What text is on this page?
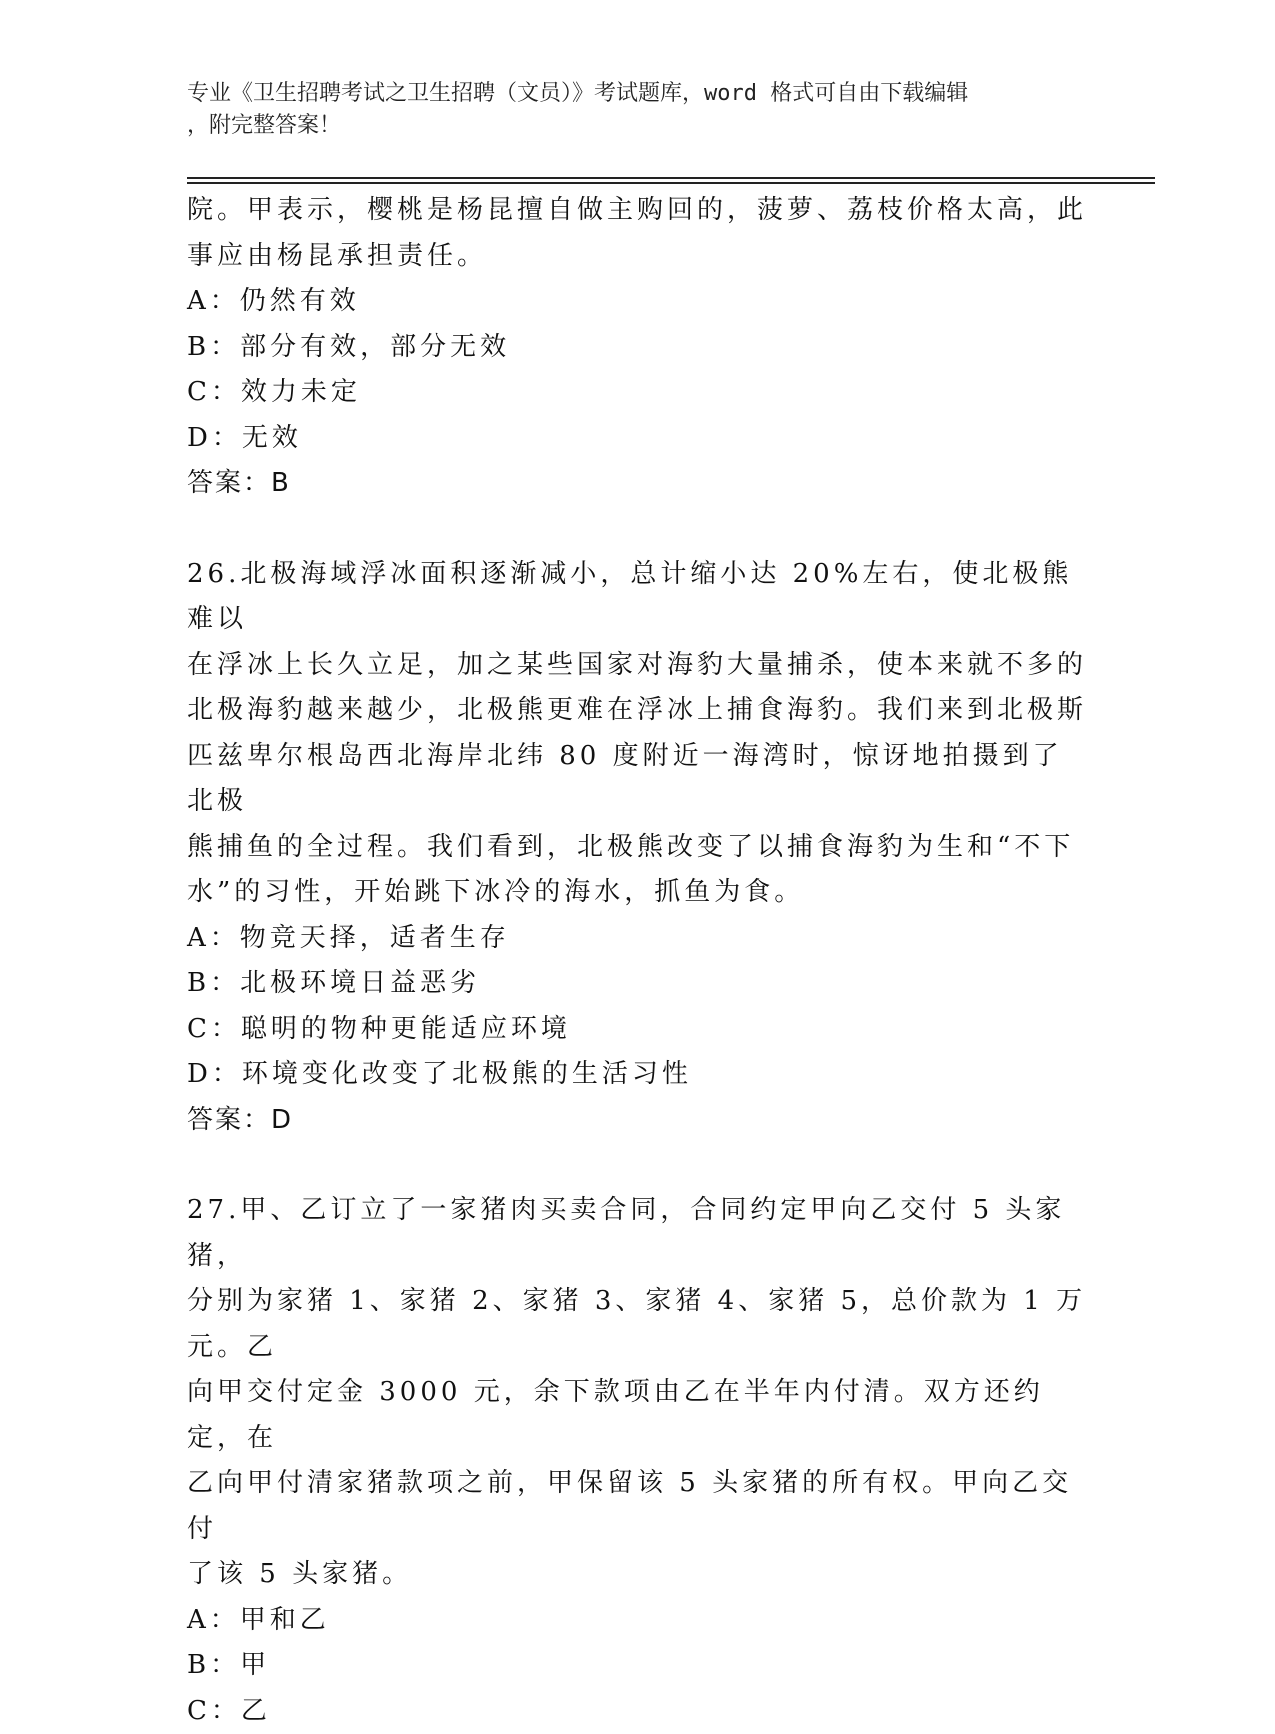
专业《卫生招聘考试之卫生招聘（文员）》考试题库，word 格式可自由下载编辑
，附完整答案！

院。甲表示，樱桃是杨昆擅自做主购回的，菠萝、荔枝价格太高，此

事应由杨昆承担责任。

A：仍然有效

B：部分有效，部分无效

C：效力未定

D：无效

答案：B

26.北极海域浮冰面积逐渐减小，总计缩小达 20%左右，使北极熊难以

在浮冰上长久立足，加之某些国家对海豹大量捕杀，使本来就不多的

北极海豹越来越少，北极熊更难在浮冰上捕食海豹。我们来到北极斯

匹兹卑尔根岛西北海岸北纬 80 度附近一海湾时，惊讶地拍摄到了北极

熊捕鱼的全过程。我们看到，北极熊改变了以捕食海豹为生和“不下

水”的习性，开始跳下冰冷的海水，抓鱼为食。

A：物竞天择，适者生存

B：北极环境日益恶劣

C：聪明的物种更能适应环境

D：环境变化改变了北极熊的生活习性

答案：D

27.甲、乙订立了一家猪肉买卖合同，合同约定甲向乙交付 5 头家猪，

分别为家猪 1、家猪 2、家猪 3、家猪 4、家猪 5，总价款为 1 万元。乙

向甲交付定金 3000 元，余下款项由乙在半年内付清。双方还约定，在

乙向甲付清家猪款项之前，甲保留该 5 头家猪的所有权。甲向乙交付

了该 5 头家猪。

A：甲和乙

B：甲

C：乙
